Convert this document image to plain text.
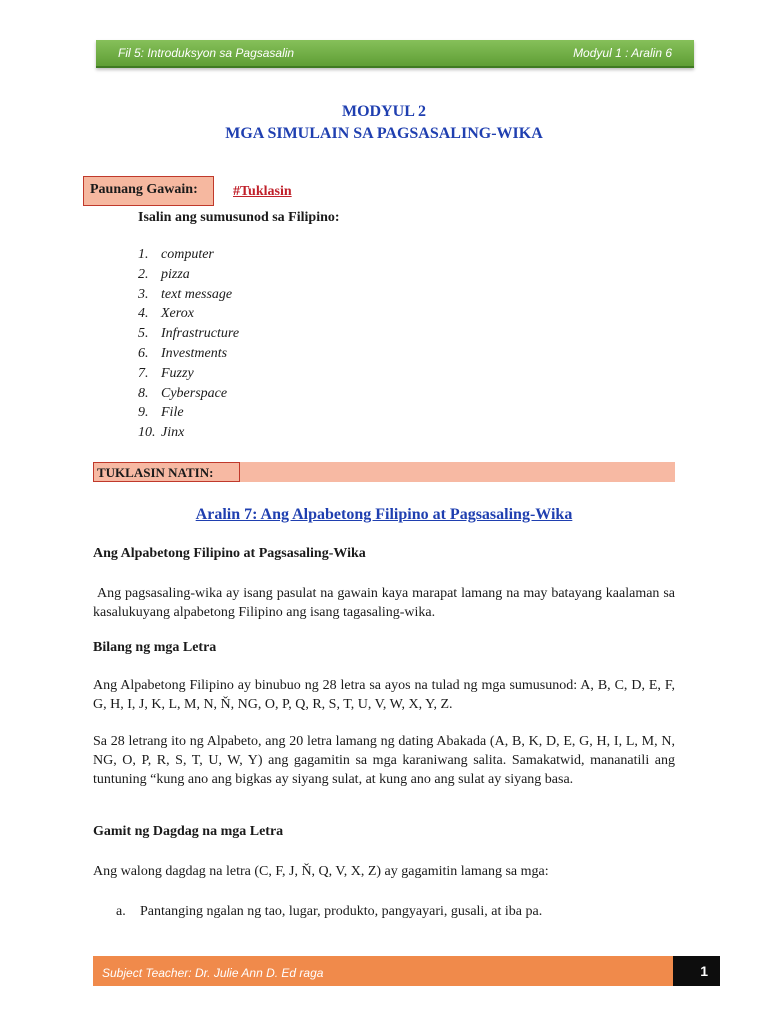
Fil 5: Introduksyon sa Pagsasalin	Modyul 1 : Aralin 6
MODYUL 2
MGA SIMULAIN SA PAGSASALING-WIKA
Paunang Gawain:	#Tuklasin
Isalin ang sumusunod sa Filipino:
1. computer
2. pizza
3. text message
4. Xerox
5. Infrastructure
6. Investments
7. Fuzzy
8. Cyberspace
9. File
10. Jinx
TUKLASIN NATIN:
Aralin 7: Ang Alpabetong Filipino at Pagsasaling-Wika
Ang Alpabetong Filipino at Pagsasaling-Wika
Ang pagsasaling-wika ay isang pasulat na gawain kaya marapat lamang na may batayang kaalaman sa kasalukuyang alpabetong Filipino ang isang tagasaling-wika.
Bilang ng mga Letra
Ang Alpabetong Filipino ay binubuo ng 28 letra sa ayos na tulad ng mga sumusunod: A, B, C, D, E, F, G, H, I, J, K, L, M, N, Ň, NG, O, P, Q, R, S, T, U, V, W, X, Y, Z.
Sa 28 letrang ito ng Alpabeto, ang 20 letra lamang ng dating Abakada (A, B, K, D, E, G, H, I, L, M, N, NG, O, P, R, S, T, U, W, Y) ang gagamitin sa mga karaniwang salita. Samakatwid, mananatili ang tuntuning “kung ano ang bigkas ay siyang sulat, at kung ano ang sulat ay siyang basa.
Gamit ng Dagdag na mga Letra
Ang walong dagdag na letra (C, F, J, Ň, Q, V, X, Z) ay gagamitin lamang sa mga:
a.	Pantanging ngalan ng tao, lugar, produkto, pangyayari, gusali, at iba pa.
Subject Teacher: Dr. Julie Ann D. Ed raga	1
